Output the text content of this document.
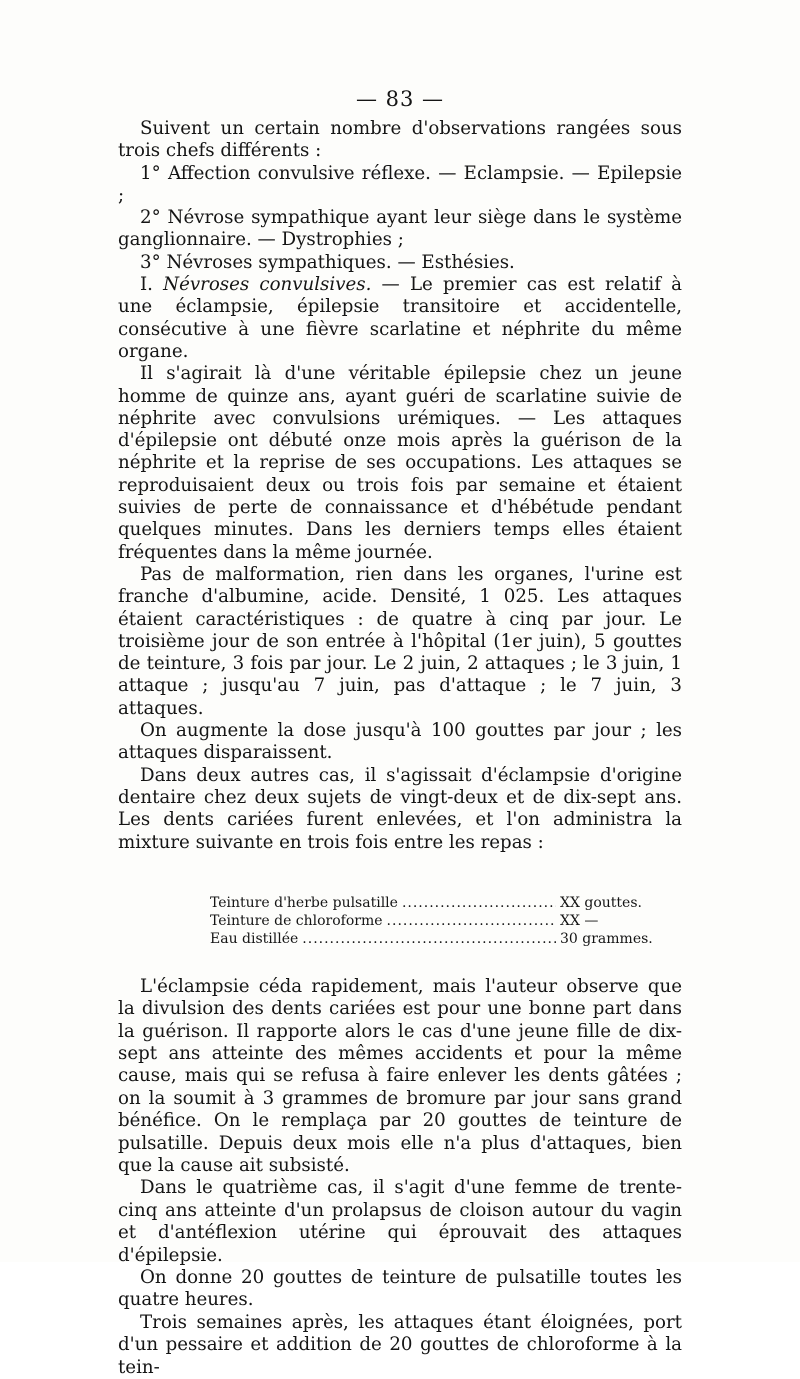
— 83 —

Suivent un certain nombre d'observations rangées sous trois chefs différents :

1° Affection convulsive réflexe. — Eclampsie. — Epilepsie ;

2° Névrose sympathique ayant leur siège dans le système ganglionnaire. — Dystrophies ;

3° Névroses sympathiques. — Esthésies.

I. Névroses convulsives. — Le premier cas est relatif à une éclampsie, épilepsie transitoire et accidentelle, consécutive à une fièvre scarlatine et néphrite du même organe.

Il s'agirait là d'une véritable épilepsie chez un jeune homme de quinze ans, ayant guéri de scarlatine suivie de néphrite avec convulsions urémiques. — Les attaques d'épilepsie ont débuté onze mois après la guérison de la néphrite et la reprise de ses occupations. Les attaques se reproduisaient deux ou trois fois par semaine et étaient suivies de perte de connaissance et d'hébétude pendant quelques minutes. Dans les derniers temps elles étaient fréquentes dans la même journée.

Pas de malformation, rien dans les organes, l'urine est franche d'albumine, acide. Densité, 1 025. Les attaques étaient caractéristiques : de quatre à cinq par jour. Le troisième jour de son entrée à l'hôpital (1er juin), 5 gouttes de teinture, 3 fois par jour. Le 2 juin, 2 attaques ; le 3 juin, 1 attaque ; jusqu'au 7 juin, pas d'attaque ; le 7 juin, 3 attaques.

On augmente la dose jusqu'à 100 gouttes par jour ; les attaques disparaissent.

Dans deux autres cas, il s'agissait d'éclampsie d'origine dentaire chez deux sujets de vingt-deux et de dix-sept ans. Les dents cariées furent enlevées, et l'on administra la mixture suivante en trois fois entre les repas :

Teinture d'herbe pulsatille .....	XX gouttes.
Teinture de chloroforme .....	XX —
Eau distillée .....	30 grammes.

L'éclampsie céda rapidement, mais l'auteur observe que la divulsion des dents cariées est pour une bonne part dans la guérison. Il rapporte alors le cas d'une jeune fille de dix-sept ans atteinte des mêmes accidents et pour la même cause, mais qui se refusa à faire enlever les dents gâtées ; on la soumit à 3 grammes de bromure par jour sans grand bénéfice. On le remplaça par 20 gouttes de teinture de pulsatille. Depuis deux mois elle n'a plus d'attaques, bien que la cause ait subsisté.

Dans le quatrième cas, il s'agit d'une femme de trente-cinq ans atteinte d'un prolapsus de cloison autour du vagin et d'antéflexion utérine qui éprouvait des attaques d'épilepsie.

On donne 20 gouttes de teinture de pulsatille toutes les quatre heures.

Trois semaines après, les attaques étant éloignées, port d'un pessaire et addition de 20 gouttes de chloroforme à la tein-
